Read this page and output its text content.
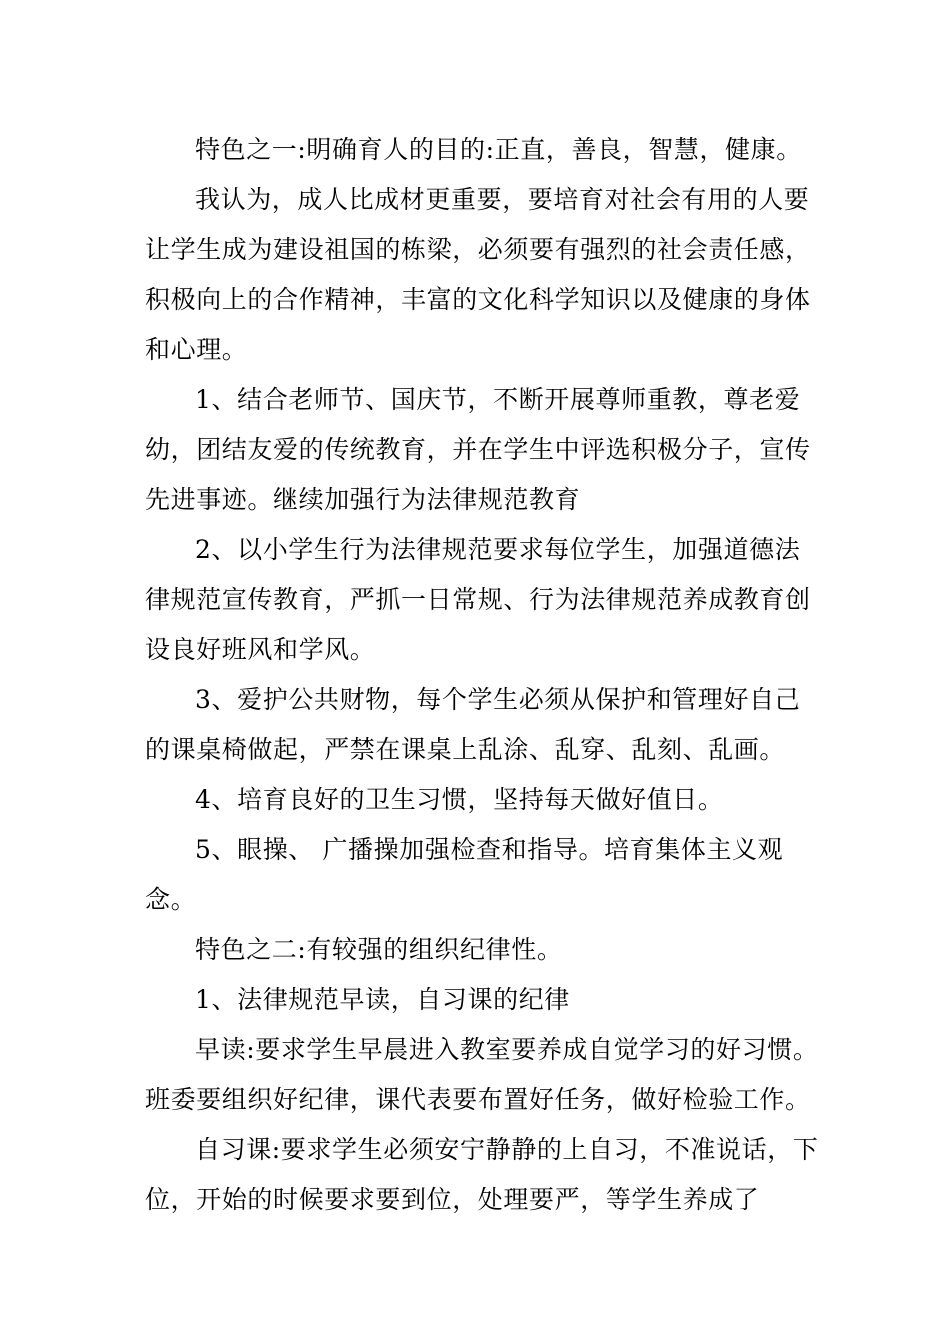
特色之一:明确育人的目的:正直，善良，智慧，健康。

我认为，成人比成材更重要，要培育对社会有用的人要让学生成为建设祖国的栋梁，必须要有强烈的社会责任感，积极向上的合作精神，丰富的文化科学知识以及健康的身体和心理。

1、结合老师节、国庆节，不断开展尊师重教，尊老爱幼，团结友爱的传统教育，并在学生中评选积极分子，宣传先进事迹。继续加强行为法律规范教育

2、以小学生行为法律规范要求每位学生，加强道德法律规范宣传教育，严抓一日常规、行为法律规范养成教育创设良好班风和学风。

3、爱护公共财物，每个学生必须从保护和管理好自己的课桌椅做起，严禁在课桌上乱涂、乱穿、乱刻、乱画。

4、培育良好的卫生习惯，坚持每天做好值日。

5、眼操、 广播操加强检查和指导。培育集体主义观念。

特色之二:有较强的组织纪律性。

1、法律规范早读，自习课的纪律

早读:要求学生早晨进入教室要养成自觉学习的好习惯。班委要组织好纪律，课代表要布置好任务，做好检验工作。

自习课:要求学生必须安宁静静的上自习，不准说话，下位，开始的时候要求要到位，处理要严，等学生养成了
